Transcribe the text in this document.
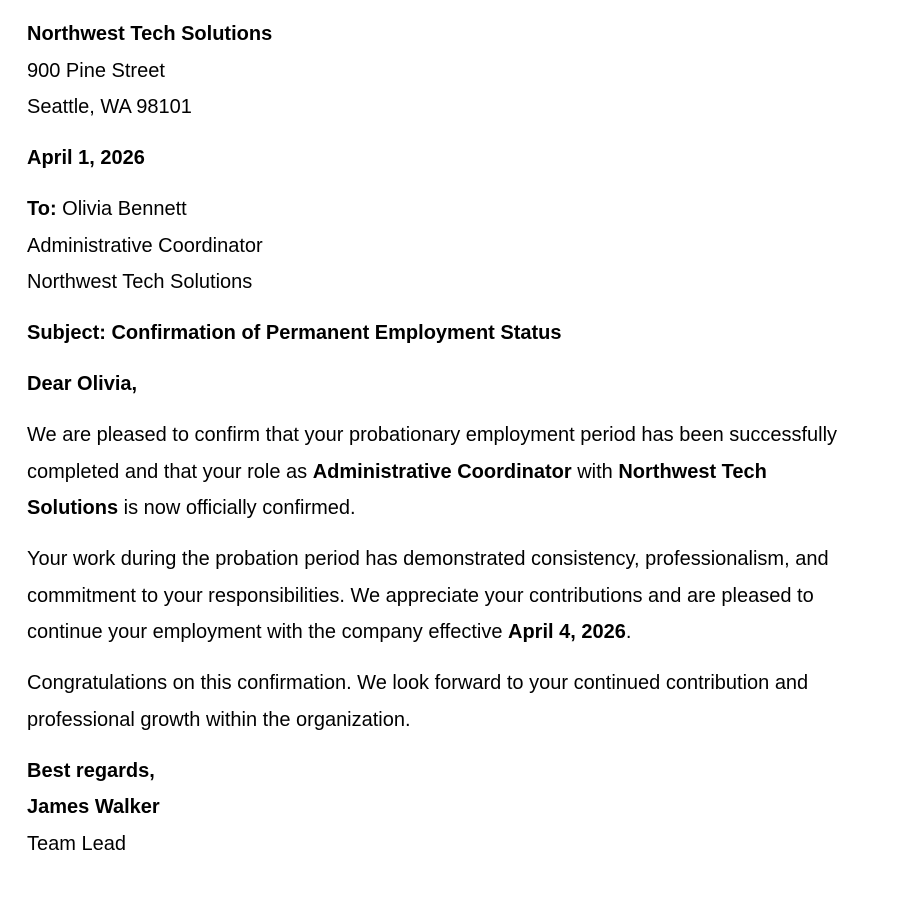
Northwest Tech Solutions
900 Pine Street
Seattle, WA 98101

April 1, 2026

To: Olivia Bennett
Administrative Coordinator
Northwest Tech Solutions

Subject: Confirmation of Permanent Employment Status

Dear Olivia,

We are pleased to confirm that your probationary employment period has been successfully completed and that your role as Administrative Coordinator with Northwest Tech Solutions is now officially confirmed.

Your work during the probation period has demonstrated consistency, professionalism, and commitment to your responsibilities. We appreciate your contributions and are pleased to continue your employment with the company effective April 4, 2026.

Congratulations on this confirmation. We look forward to your continued contribution and professional growth within the organization.

Best regards,
James Walker
Team Lead
